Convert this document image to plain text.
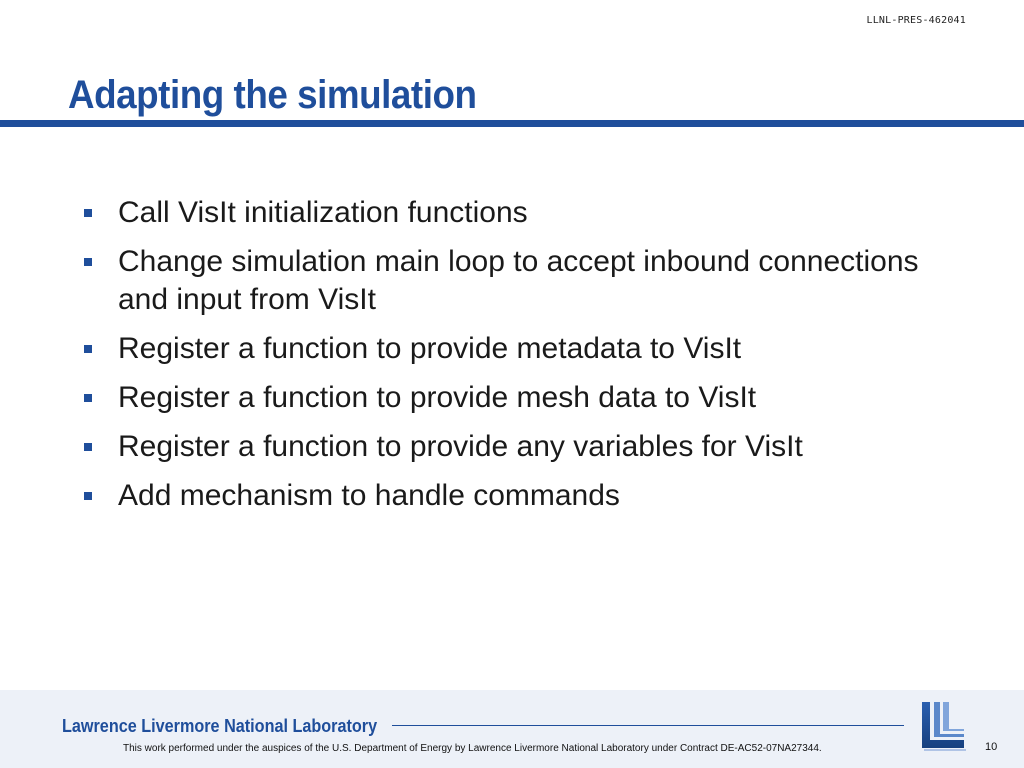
LLNL-PRES-462041
Adapting the simulation
Call VisIt initialization functions
Change simulation main loop to accept inbound connections and input from VisIt
Register a function to provide metadata to VisIt
Register a function to provide mesh data to VisIt
Register a function to provide any variables for VisIt
Add mechanism to handle commands
Lawrence Livermore National Laboratory
This work performed under the auspices of the U.S. Department of Energy by Lawrence Livermore National Laboratory under Contract DE-AC52-07NA27344.	10
